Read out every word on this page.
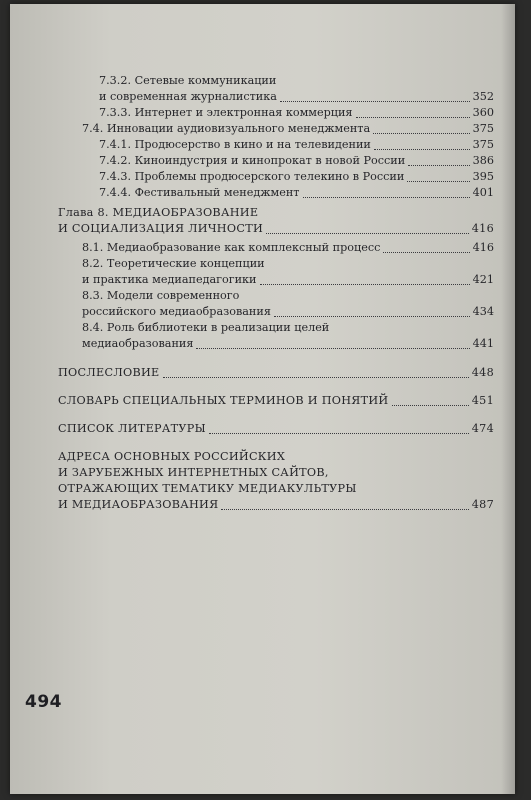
7.3.2. Сетевые коммуникации
и современная журналистика	352
7.3.3. Интернет и электронная коммерция	360
7.4. Инновации аудиовизуального менеджмента	375
7.4.1. Продюсерство в кино и на телевидении	375
7.4.2. Киноиндустрия и кинопрокат в новой России	386
7.4.3. Проблемы продюсерского телекино в России	395
7.4.4. Фестивальный менеджмент	401
Глава 8. МЕДИАОБРАЗОВАНИЕ
И СОЦИАЛИЗАЦИЯ ЛИЧНОСТИ	416
8.1. Медиаобразование как комплексный процесс	416
8.2. Теоретические концепции
и практика медиапедагогики	421
8.3. Модели современного
российского медиаобразования	434
8.4. Роль библиотеки в реализации целей
медиаобразования	441
ПОСЛЕСЛОВИЕ	448
СЛОВАРЬ СПЕЦИАЛЬНЫХ ТЕРМИНОВ И ПОНЯТИЙ	451
СПИСОК ЛИТЕРАТУРЫ	474
АДРЕСА ОСНОВНЫХ РОССИЙСКИХ
И ЗАРУБЕЖНЫХ ИНТЕРНЕТНЫХ САЙТОВ,
ОТРАЖАЮЩИХ ТЕМАТИКУ МЕДИАКУЛЬТУРЫ
И МЕДИАОБРАЗОВАНИЯ	487
494
